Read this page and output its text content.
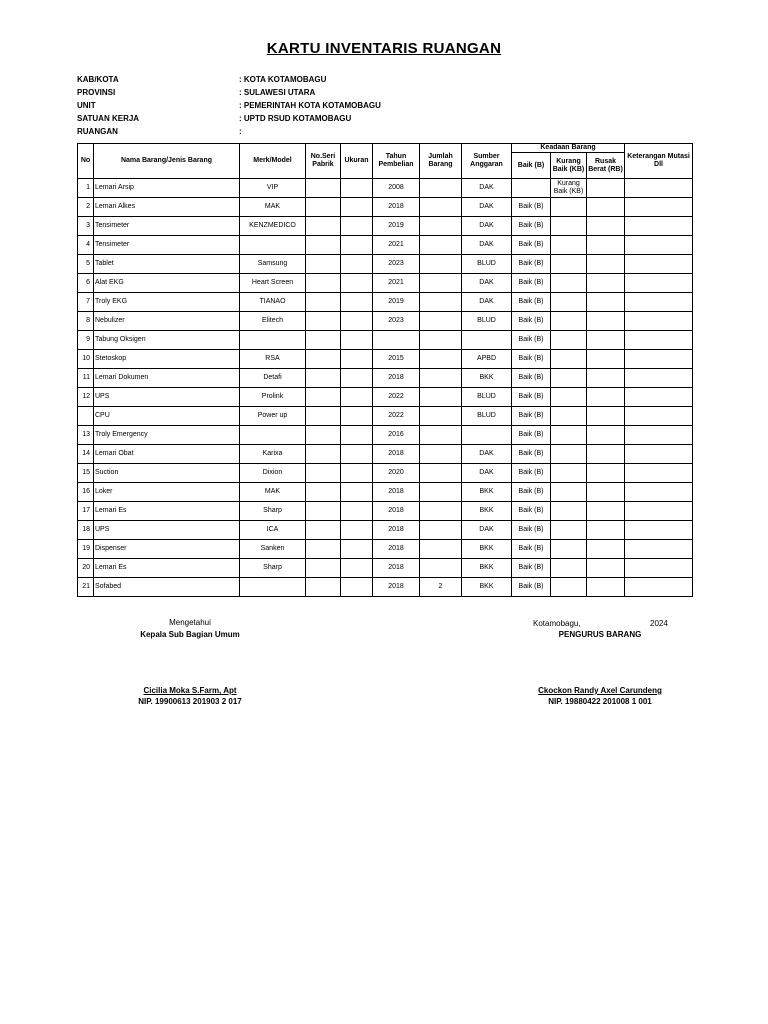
KARTU INVENTARIS RUANGAN
KAB/KOTA	: KOTA KOTAMOBAGU
PROVINSI	: SULAWESI UTARA
UNIT	: PEMERINTAH KOTA KOTAMOBAGU
SATUAN KERJA	: UPTD RSUD KOTAMOBAGU
RUANGAN	:
No	Nama Barang/Jenis Barang	Merk/Model	No.Seri Pabrik	Ukuran	Tahun Pembelian	Jumlah Barang	Sumber Anggaran	Keadaan Barang			Keterangan Mutasi Dll
								Baik (B)	Kurang Baik (KB)	Rusak Berat (RB)	
1	Lemari Arsip	VIP			2008		DAK		Kurang Baik (KB)		
2	Lemari Alkes	MAK			2018		DAK	Baik (B)			
3	Tensimeter	KENZMEDICO			2019		DAK	Baik (B)			
4	Tensimeter				2021		DAK	Baik (B)			
5	Tablet	Samsung			2023		BLUD	Baik (B)			
6	Alat EKG	Heart Screen			2021		DAK	Baik (B)			
7	Troly EKG	TIANAO			2019		DAK	Baik (B)			
8	Nebulizer	Elitech			2023		BLUD	Baik (B)			
9	Tabung Oksigen							Baik (B)			
10	Stetoskop	RSA			2015		APBD	Baik (B)			
11	Lemari Dokumen	Detafi			2018		BKK	Baik (B)			
12	UPS	Prolink			2022		BLUD	Baik (B)			
	CPU	Power up			2022		BLUD	Baik (B)			
13	Troly Emergency				2016			Baik (B)			
14	Lemari Obat	Karixa			2018		DAK	Baik (B)			
15	Suction	Dixion			2020		DAK	Baik (B)			
16	Loker	MAK			2018		BKK	Baik (B)			
17	Lemari Es	Sharp			2018		BKK	Baik (B)			
18	UPS	ICA			2018		DAK	Baik (B)			
19	Dispenser	Sanken			2018		BKK	Baik (B)			
20	Lemari Es	Sharp			2018		BKK	Baik (B)			
21	Sofabed				2018	2	BKK	Baik (B)			
Mengetahui
Kepala Sub Bagian Umum
Cicilia Moka S.Farm, Apt
NIP. 19900613 201903 2 017
Kotamobagu,	2024
PENGURUS BARANG
Ckockon Randy Axel Carundeng
NIP. 19880422 201008 1 001
